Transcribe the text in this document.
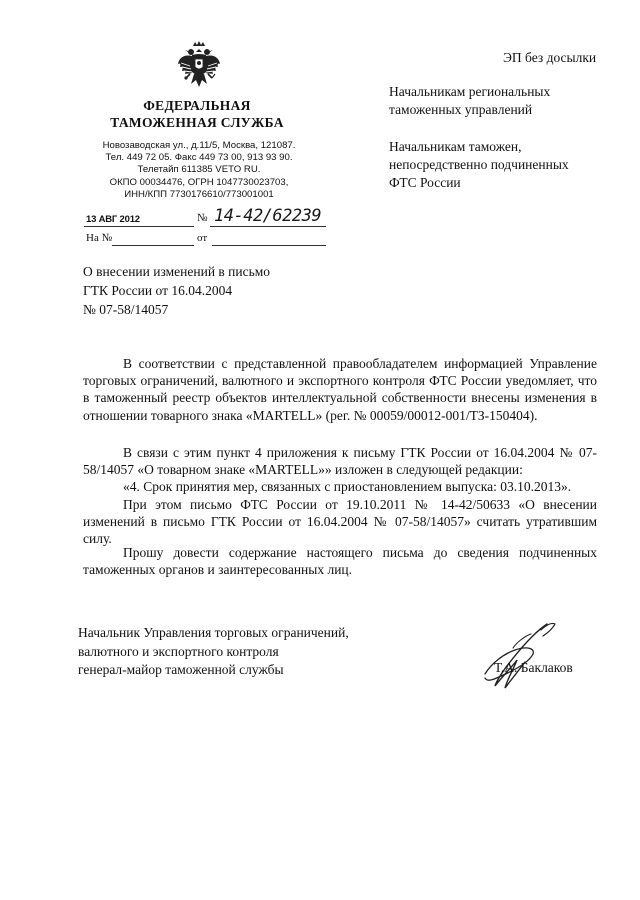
ФЕДЕРАЛЬНАЯ
ТАМОЖЕННАЯ СЛУЖБА
Новозаводская ул., д.11/5, Москва, 121087.
Тел. 449 72 05. Факс 449 73 00, 913 93 90.
Телетайп 611385 VETO RU.
ОКПО 00034476, ОГРН 1047730023703,
ИНН/КПП 7730176610/773001001
13 АВГ 2012	№ 14-42/62239
На №	от
ЭП без досылки
Начальникам региональных
таможенных управлений
Начальникам таможен,
непосредственно подчиненных
ФТС России
О внесении изменений в письмо
ГТК России от 16.04.2004
№ 07-58/14057
В соответствии с представленной правообладателем информацией Управление торговых ограничений, валютного и экспортного контроля ФТС России уведомляет, что в таможенный реестр объектов интеллектуальной собственности внесены изменения в отношении товарного знака «MARTELL» (рег. № 00059/00012-001/ТЗ-150404).
В связи с этим пункт 4 приложения к письму ГТК России от 16.04.2004 № 07-58/14057 «О товарном знаке «MARTELL»» изложен в следующей редакции:
«4. Срок принятия мер, связанных с приостановлением выпуска: 03.10.2013».
При этом письмо ФТС России от 19.10.2011 № 14-42/50633 «О внесении изменений в письмо ГТК России от 16.04.2004 № 07-58/14057» считать утратившим силу.
Прошу довести содержание настоящего письма до сведения подчиненных таможенных органов и заинтересованных лиц.
Начальник Управления торговых ограничений,
валютного и экспортного контроля
генерал-майор таможенной службы	Т.А. Баклаков
